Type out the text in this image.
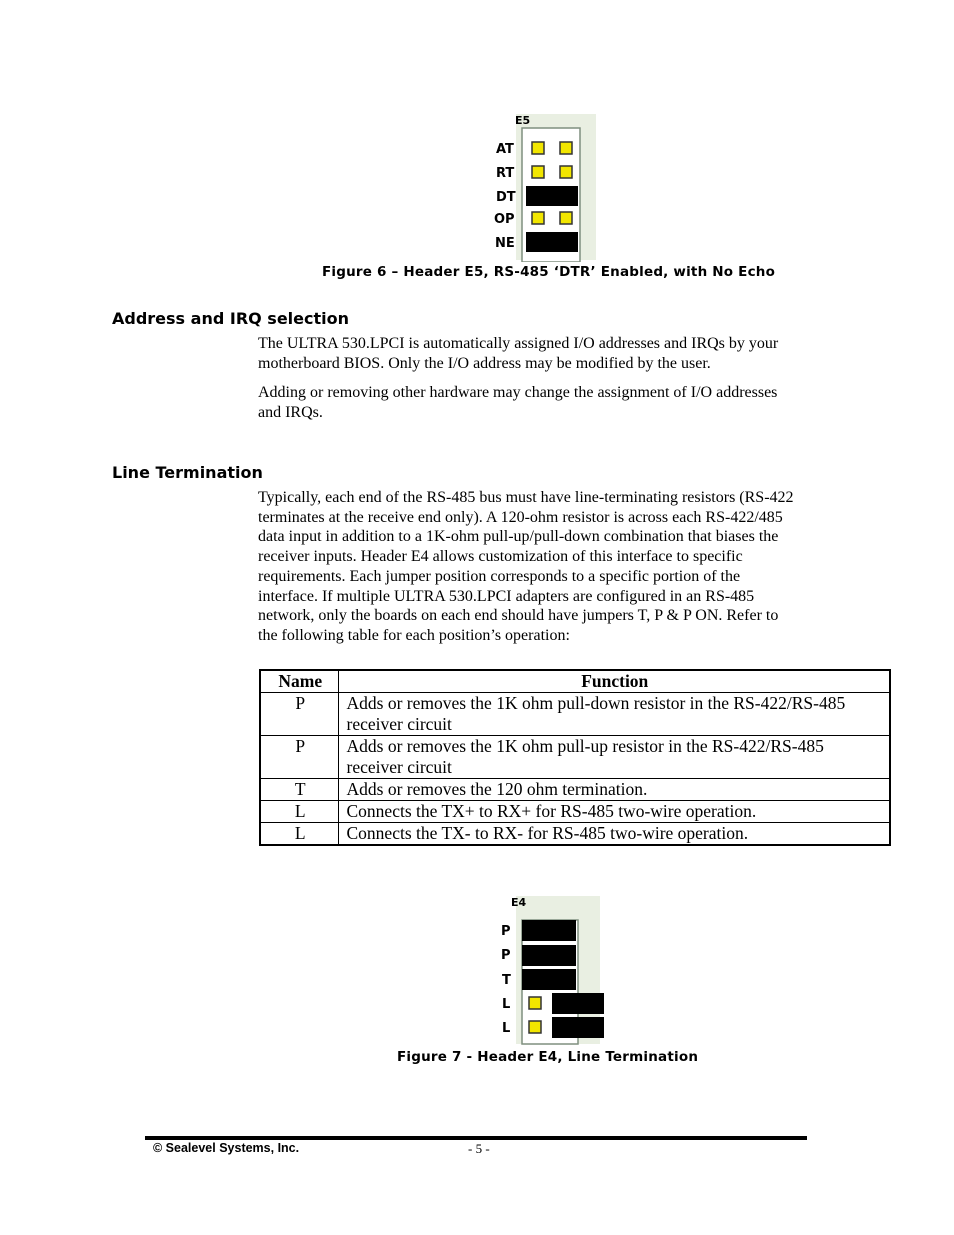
E5
AT
RT
DT
OP
NE
Figure 6 – Header E5, RS-485 ‘DTR’ Enabled, with No Echo
Address and IRQ selection
The ULTRA 530.LPCI is automatically assigned I/O addresses and IRQs by your
motherboard BIOS. Only the I/O address may be modified by the user.
Adding or removing other hardware may change the assignment of I/O addresses
and IRQs.
Line Termination
Typically, each end of the RS-485 bus must have line-terminating resistors (RS-422
terminates at the receive end only). A 120-ohm resistor is across each RS-422/485
data input in addition to a 1K-ohm pull-up/pull-down combination that biases the
receiver inputs. Header E4 allows customization of this interface to specific
requirements. Each jumper position corresponds to a specific portion of the
interface. If multiple ULTRA 530.LPCI adapters are configured in an RS-485
network, only the boards on each end should have jumpers T, P & P ON. Refer to
the following table for each position’s operation:
Name	Function
P	Adds or removes the 1K ohm pull-down resistor in the RS-422/RS-485
receiver circuit

P	Adds or removes the 1K ohm pull-up resistor in the RS-422/RS-485
receiver circuit

T	Adds or removes the 120 ohm termination.

L	Connects the TX+ to RX+ for RS-485 two-wire operation.

L	Connects the TX- to RX- for RS-485 two-wire operation.
E4
P
P
T
L
L
Figure 7 - Header E4, Line Termination
© Sealevel Systems, Inc.	- 5 -
